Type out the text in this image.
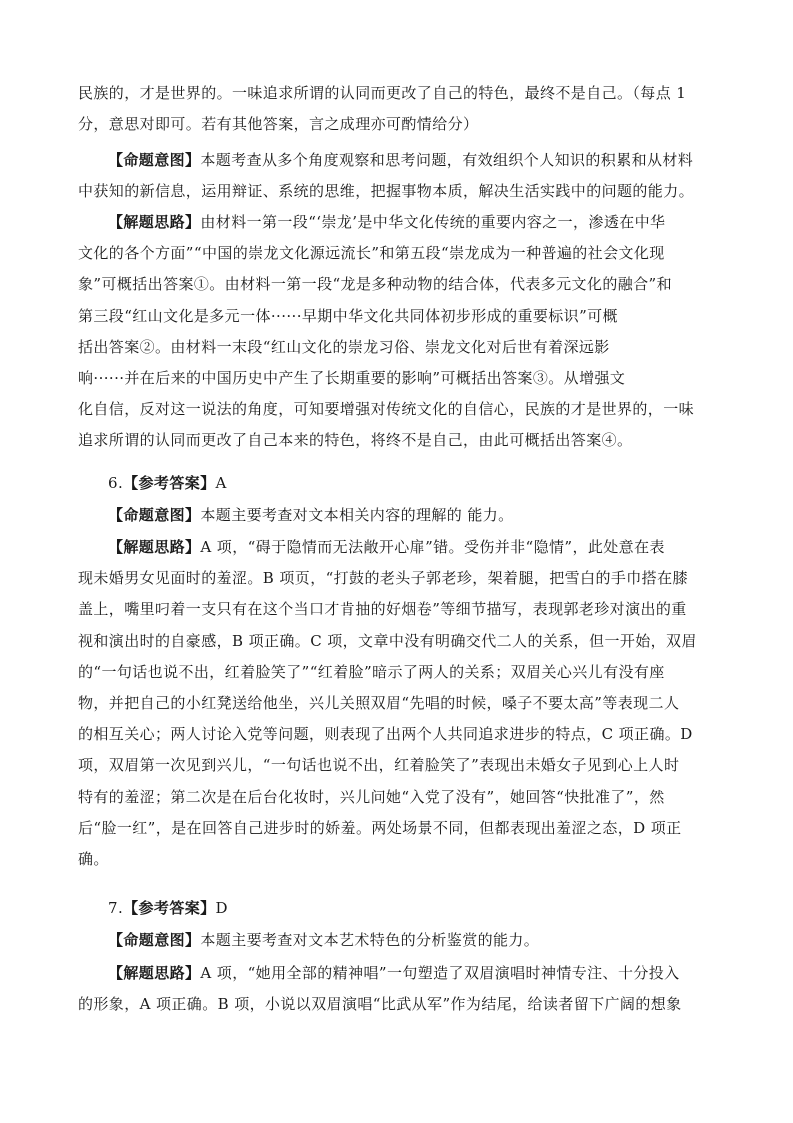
民族的，才是世界的。一味追求所谓的认同而更改了自己的特色，最终不是自己。（每点 1
分，意思对即可。若有其他答案，言之成理亦可酌情给分）
【命题意图】本题考查从多个角度观察和思考问题，有效组织个人知识的积累和从材料
中获知的新信息，运用辩证、系统的思维，把握事物本质，解决生活实践中的问题的能力。
【解题思路】由材料一第一段“‘崇龙’是中华文化传统的重要内容之一，渗透在中华
文化的各个方面”“中国的崇龙文化源远流长”和第五段“崇龙成为一种普遍的社会文化现
象”可概括出答案①。由材料一第一段“龙是多种动物的结合体，代表多元文化的融合”和
第三段“红山文化是多元一体······早期中华文化共同体初步形成的重要标识”可概
括出答案②。由材料一末段“红山文化的崇龙习俗、崇龙文化对后世有着深远影
响······并在后来的中国历史中产生了长期重要的影响”可概括出答案③。从增强文
化自信，反对这一说法的角度，可知要增强对传统文化的自信心，民族的才是世界的，一味
追求所谓的认同而更改了自己本来的特色，将终不是自己，由此可概括出答案④。
6.【参考答案】A
【命题意图】本题主要考查对文本相关内容的理解的 能力。
【解题思路】A 项，“碍于隐情而无法敞开心扉”错。受伤并非“隐情”，此处意在表
现未婚男女见面时的羞涩。B 项页，“打鼓的老头子郭老珍，架着腿，把雪白的手巾搭在膝
盖上，嘴里叼着一支只有在这个当口才肯抽的好烟卷”等细节描写，表现郭老珍对演出的重
视和演出时的自豪感，B 项正确。C 项，文章中没有明确交代二人的关系，但一开始，双眉
的“一句话也说不出，红着脸笑了”“红着脸”暗示了两人的关系；双眉关心兴儿有没有座
物，并把自己的小红凳送给他坐，兴儿关照双眉“先唱的时候，嗓子不要太高”等表现二人
的相互关心；两人讨论入党等问题，则表现了出两个人共同追求进步的特点，C 项正确。D
项，双眉第一次见到兴儿，“一句话也说不出，红着脸笑了”表现出未婚女子见到心上人时
特有的羞涩；第二次是在后台化妆时，兴儿问她“入党了没有”，她回答“快批准了”，然
后“脸一红”，是在回答自己进步时的娇羞。两处场景不同，但都表现出羞涩之态，D 项正
确。
7.【参考答案】D
【命题意图】本题主要考查对文本艺术特色的分析鉴赏的能力。
【解题思路】A 项，“她用全部的精神唱”一句塑造了双眉演唱时神情专注、十分投入
的形象，A 项正确。B 项，小说以双眉演唱“比武从军”作为结尾，给读者留下广阔的想象
